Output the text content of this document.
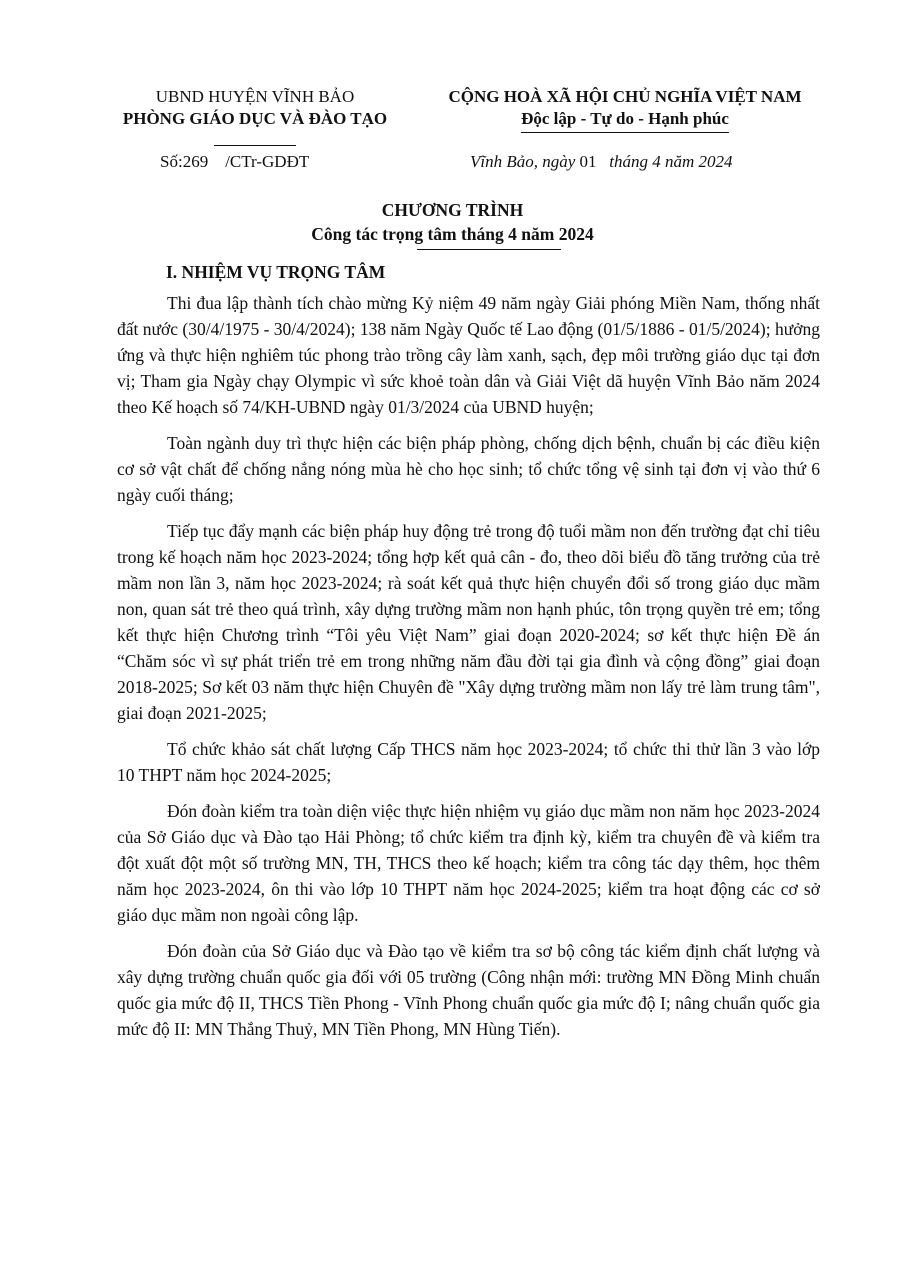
UBND HUYỆN VĨNH BẢO
PHÒNG GIÁO DỤC VÀ ĐÀO TẠO
CỘNG HOÀ XÃ HỘI CHỦ NGHĨA VIỆT NAM
Độc lập - Tự do - Hạnh phúc
Số:269 /CTr-GDĐT	Vĩnh Bảo, ngày 01 tháng 4 năm 2024
CHƯƠNG TRÌNH
Công tác trọng tâm tháng 4 năm 2024
I. NHIỆM VỤ TRỌNG TÂM

Thi đua lập thành tích chào mừng Kỷ niệm 49 năm ngày Giải phóng Miền Nam, thống nhất đất nước (30/4/1975 - 30/4/2024); 138 năm Ngày Quốc tế Lao động (01/5/1886 - 01/5/2024); hưởng ứng và thực hiện nghiêm túc phong trào trồng cây làm xanh, sạch, đẹp môi trường giáo dục tại đơn vị; Tham gia Ngày chạy Olympic vì sức khoẻ toàn dân và Giải Việt dã huyện Vĩnh Bảo năm 2024 theo Kế hoạch số 74/KH-UBND ngày 01/3/2024 của UBND huyện;

Toàn ngành duy trì thực hiện các biện pháp phòng, chống dịch bệnh, chuẩn bị các điều kiện cơ sở vật chất để chống nắng nóng mùa hè cho học sinh; tổ chức tổng vệ sinh tại đơn vị vào thứ 6 ngày cuối tháng;

Tiếp tục đẩy mạnh các biện pháp huy động trẻ trong độ tuổi mầm non đến trường đạt chỉ tiêu trong kế hoạch năm học 2023-2024; tổng hợp kết quả cân - đo, theo dõi biểu đồ tăng trưởng của trẻ mầm non lần 3, năm học 2023-2024; rà soát kết quả thực hiện chuyển đổi số trong giáo dục mầm non, quan sát trẻ theo quá trình, xây dựng trường mầm non hạnh phúc, tôn trọng quyền trẻ em; tổng kết thực hiện Chương trình “Tôi yêu Việt Nam” giai đoạn 2020-2024; sơ kết thực hiện Đề án “Chăm sóc vì sự phát triển trẻ em trong những năm đầu đời tại gia đình và cộng đồng” giai đoạn 2018-2025; Sơ kết 03 năm thực hiện Chuyên đề "Xây dựng trường mầm non lấy trẻ làm trung tâm", giai đoạn 2021-2025;

Tổ chức khảo sát chất lượng Cấp THCS năm học 2023-2024; tổ chức thi thử lần 3 vào lớp 10 THPT năm học 2024-2025;

Đón đoàn kiểm tra toàn diện việc thực hiện nhiệm vụ giáo dục mầm non năm học 2023-2024 của Sở Giáo dục và Đào tạo Hải Phòng; tổ chức kiểm tra định kỳ, kiểm tra chuyên đề và kiểm tra đột xuất đột một số trường MN, TH, THCS theo kế hoạch; kiểm tra công tác dạy thêm, học thêm năm học 2023-2024, ôn thi vào lớp 10 THPT năm học 2024-2025; kiểm tra hoạt động các cơ sở giáo dục mầm non ngoài công lập.

Đón đoàn của Sở Giáo dục và Đào tạo về kiểm tra sơ bộ công tác kiểm định chất lượng và xây dựng trường chuẩn quốc gia đối với 05 trường (Công nhận mới: trường MN Đồng Minh chuẩn quốc gia mức độ II, THCS Tiền Phong - Vĩnh Phong chuẩn quốc gia mức độ I; nâng chuẩn quốc gia mức độ II: MN Thắng Thuỷ, MN Tiền Phong, MN Hùng Tiến).
